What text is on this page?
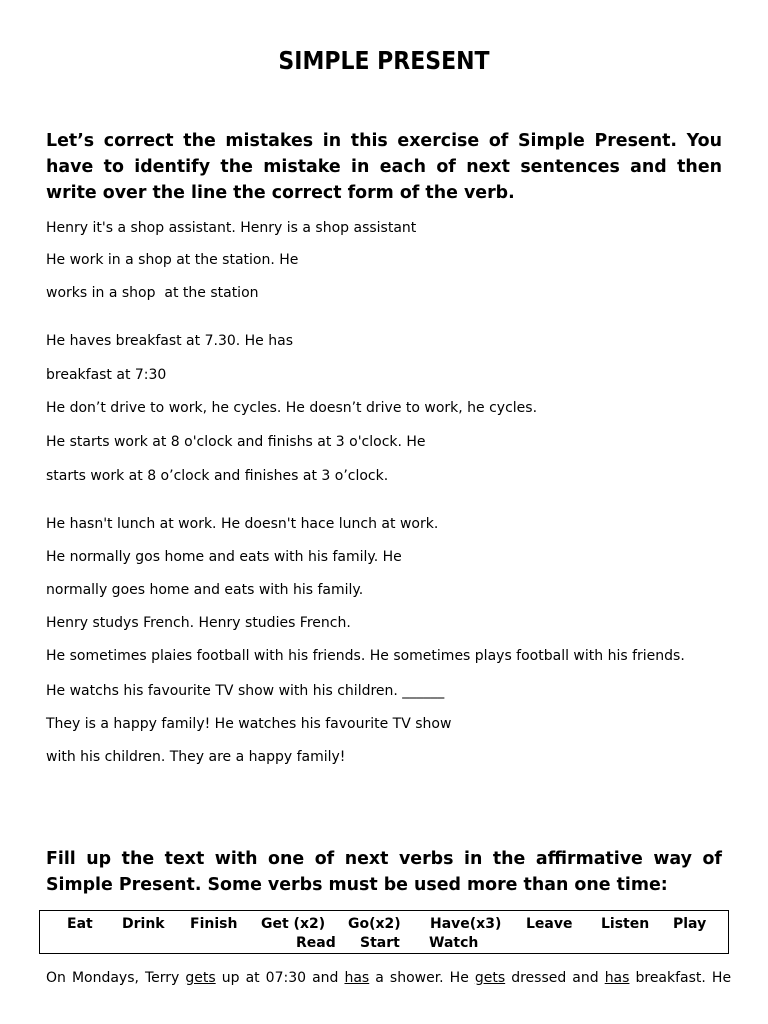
SIMPLE PRESENT
Let’s correct the mistakes in this exercise of Simple Present. You have to identify the mistake in each of next sentences and then write over the line the correct form of the verb.
Henry it's a shop assistant. Henry is a shop assistant
He work in a shop at the station. He
works in a shop  at the station
He haves breakfast at 7.30. He has
breakfast at 7:30
He don’t drive to work, he cycles. He doesn’t drive to work, he cycles.
He starts work at 8 o'clock and finishs at 3 o'clock. He
starts work at 8 o’clock and finishes at 3 o’clock.
He hasn't lunch at work. He doesn't hace lunch at work.
He normally gos home and eats with his family. He
normally goes home and eats with his family.
Henry studys French. Henry studies French.
He sometimes plaies football with his friends. He sometimes plays football with his friends.
He watchs his favourite TV show with his children. ______
They is a happy family! He watches his favourite TV show
with his children. They are a happy family!
Fill up the text with one of next verbs in the affirmative way of Simple Present. Some verbs must be used more than one time:
Eat Drink Finish Get (x2) Go(x2) Have(x3) Leave Listen Play
Read Start Watch
On Mondays, Terry gets up at 07:30 and has a shower. He gets dressed and has breakfast. He
